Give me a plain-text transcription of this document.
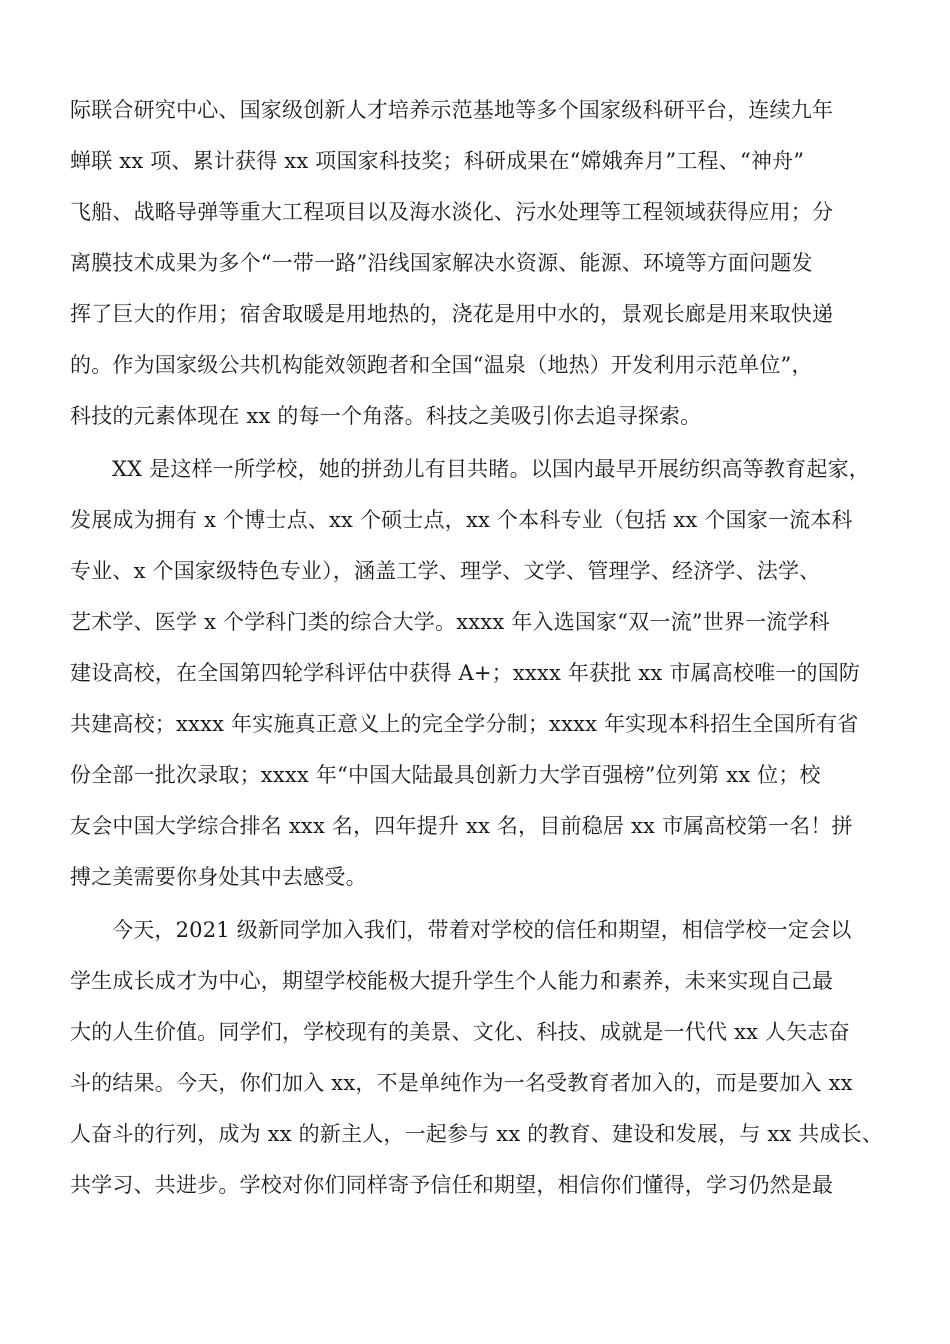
际联合研究中心、国家级创新人才培养示范基地等多个国家级科研平台，连续九年
蝉联 xx 项、累计获得 xx 项国家科技奖；科研成果在“嫦娥奔月”工程、“神舟”
飞船、战略导弹等重大工程项目以及海水淡化、污水处理等工程领域获得应用；分
离膜技术成果为多个“一带一路”沿线国家解决水资源、能源、环境等方面问题发
挥了巨大的作用；宿舍取暖是用地热的，浇花是用中水的，景观长廊是用来取快递
的。作为国家级公共机构能效领跑者和全国“温泉（地热）开发利用示范单位”，
科技的元素体现在 xx 的每一个角落。科技之美吸引你去追寻探索。
XX 是这样一所学校，她的拼劲儿有目共睹。以国内最早开展纺织高等教育起家，
发展成为拥有 x 个博士点、xx 个硕士点，xx 个本科专业（包括 xx 个国家一流本科
专业、x 个国家级特色专业），涵盖工学、理学、文学、管理学、经济学、法学、
艺术学、医学 x 个学科门类的综合大学。xxxx 年入选国家“双一流”世界一流学科
建设高校，在全国第四轮学科评估中获得 A+；xxxx 年获批 xx 市属高校唯一的国防
共建高校；xxxx 年实施真正意义上的完全学分制；xxxx 年实现本科招生全国所有省
份全部一批次录取；xxxx 年“中国大陆最具创新力大学百强榜”位列第 xx 位；校
友会中国大学综合排名 xxx 名，四年提升 xx 名，目前稳居 xx 市属高校第一名！拼
搏之美需要你身处其中去感受。
今天，2021 级新同学加入我们，带着对学校的信任和期望，相信学校一定会以
学生成长成才为中心，期望学校能极大提升学生个人能力和素养，未来实现自己最
大的人生价值。同学们，学校现有的美景、文化、科技、成就是一代代 xx 人矢志奋
斗的结果。今天，你们加入 xx，不是单纯作为一名受教育者加入的，而是要加入 xx
人奋斗的行列，成为 xx 的新主人，一起参与 xx 的教育、建设和发展，与 xx 共成长、
共学习、共进步。学校对你们同样寄予信任和期望，相信你们懂得，学习仍然是最
